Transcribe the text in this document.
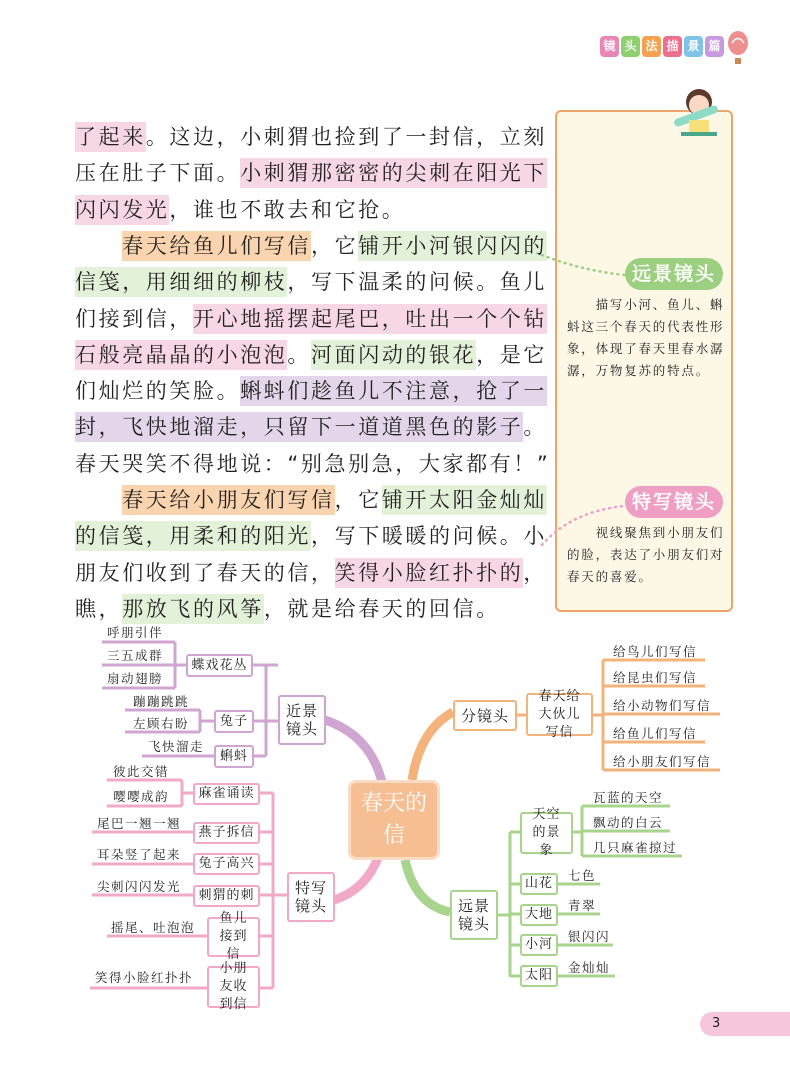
镜 头 法 描 景 篇
了起来。这边，小刺猬也捡到了一封信，立刻
压在肚子下面。小刺猬那密密的尖刺在阳光下
闪闪发光，谁也不敢去和它抢。
　　春天给鱼儿们写信，它铺开小河银闪闪的
信笺，用细细的柳枝，写下温柔的问候。鱼儿
们接到信，开心地摇摆起尾巴，吐出一个个钻
石般亮晶晶的小泡泡。河面闪动的银花，是它
们灿烂的笑脸。蝌蚪们趁鱼儿不注意，抢了一
封，飞快地溜走，只留下一道道黑色的影子。
春天哭笑不得地说：“别急别急，大家都有！”
　　春天给小朋友们写信，它铺开太阳金灿灿
的信笺，用柔和的阳光，写下暖暖的问候。小
朋友们收到了春天的信，笑得小脸红扑扑的，
瞧，那放飞的风筝，就是给春天的回信。
远景镜头
　　描写小河、鱼儿、蝌蚪这三个春天的代表性形象，体现了春天里春水潺潺，万物复苏的特点。
特写镜头
　　视线聚焦到小朋友们的脸，表达了小朋友们对春天的喜爱。
春天的信
近景镜头
蝶戏花丛
兔子
蝌蚪
呼朋引伴
三五成群
扇动翅膀
蹦蹦跳跳
左顾右盼
飞快溜走
特写镜头
麻雀诵读
燕子拆信
兔子高兴
刺猬的刺
鱼儿接到信
小朋友收到信
彼此交错
嘤嘤成韵
尾巴一翘一翘
耳朵竖了起来
尖刺闪闪发光
摇尾、吐泡泡
笑得小脸红扑扑
分镜头
春天给大伙儿写信
给鸟儿们写信
给昆虫们写信
给小动物们写信
给鱼儿们写信
给小朋友们写信
远景镜头
天空的景象
山花
大地
小河
太阳
瓦蓝的天空
飘动的白云
几只麻雀掠过
七色
青翠
银闪闪
金灿灿
3
